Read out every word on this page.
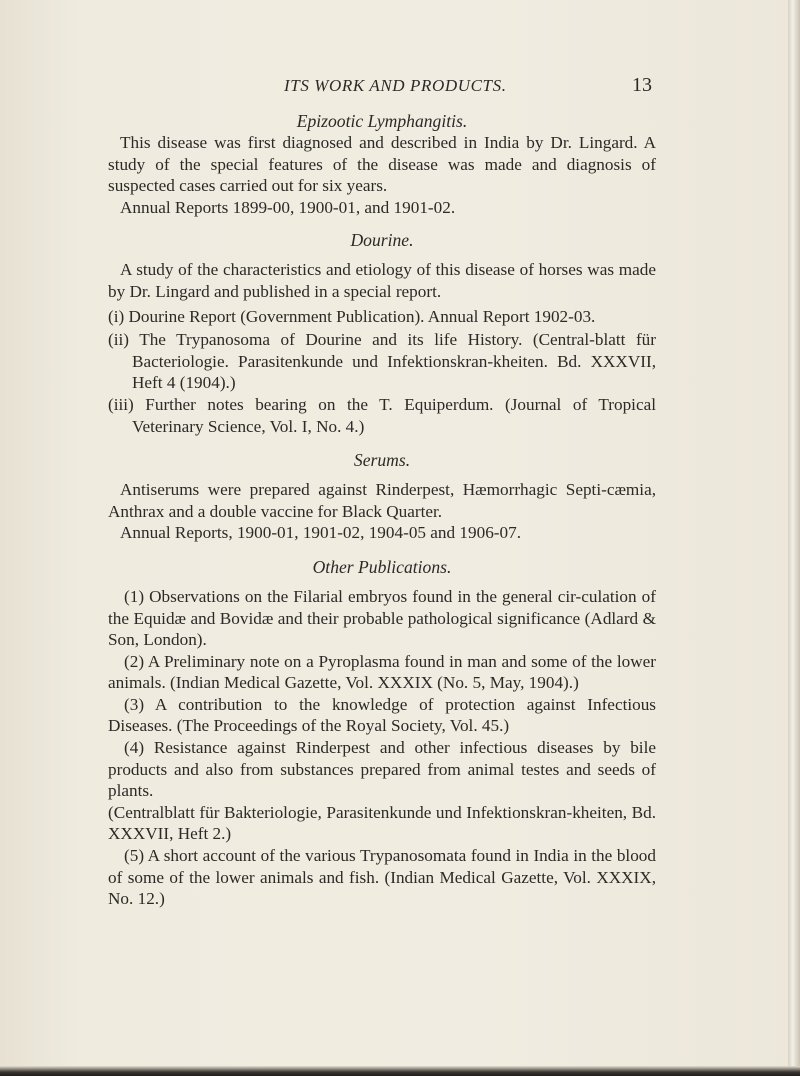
ITS WORK AND PRODUCTS.	13

Epizootic Lymphangitis.

This disease was first diagnosed and described in India by Dr. Lingard. A study of the special features of the disease was made and diagnosis of suspected cases carried out for six years.

Annual Reports 1899-00, 1900-01, and 1901-02.

Dourine.

A study of the characteristics and etiology of this disease of horses was made by Dr. Lingard and published in a special report.

(i) Dourine Report (Government Publication). Annual Report 1902-03.

(ii) The Trypanosoma of Dourine and its life History. (Central-blatt für Bacteriologie. Parasitenkunde und Infektionskran-kheiten. Bd. XXXVII, Heft 4 (1904).)

(iii) Further notes bearing on the T. Equiperdum. (Journal of Tropical Veterinary Science, Vol. I, No. 4.)

Serums.

Antiserums were prepared against Rinderpest, Hæmorrhagic Septi-cæmia, Anthrax and a double vaccine for Black Quarter.

Annual Reports, 1900-01, 1901-02, 1904-05 and 1906-07.

Other Publications.

(1) Observations on the Filarial embryos found in the general cir-culation of the Equidæ and Bovidæ and their probable pathological significance (Adlard & Son, London).

(2) A Preliminary note on a Pyroplasma found in man and some of the lower animals. (Indian Medical Gazette, Vol. XXXIX (No. 5, May, 1904).)

(3) A contribution to the knowledge of protection against Infectious Diseases. (The Proceedings of the Royal Society, Vol. 45.)

(4) Resistance against Rinderpest and other infectious diseases by bile products and also from substances prepared from animal testes and seeds of plants.

(Centralblatt für Bakteriologie, Parasitenkunde und Infektionskran-kheiten, Bd. XXXVII, Heft 2.)

(5) A short account of the various Trypanosomata found in India in the blood of some of the lower animals and fish. (Indian Medical Gazette, Vol. XXXIX, No. 12.)
